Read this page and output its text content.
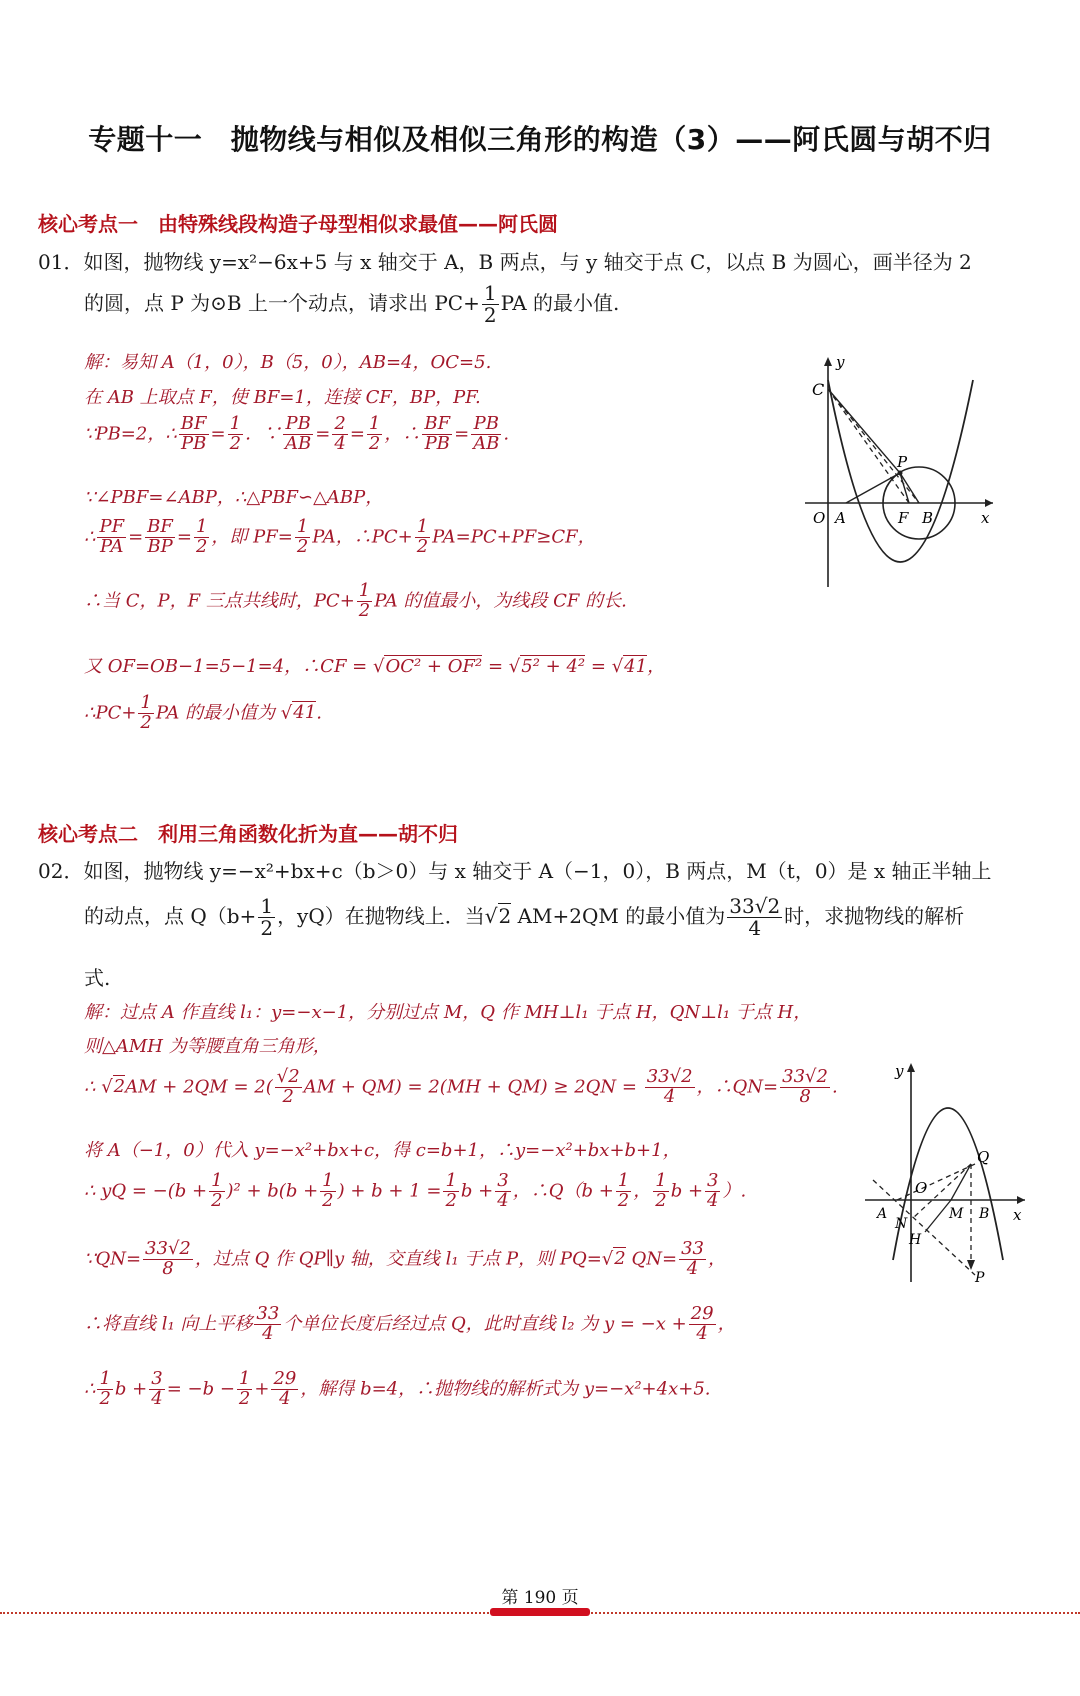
专题十一　抛物线与相似及相似三角形的构造（3）——阿氏圆与胡不归
核心考点一　由特殊线段构造子母型相似求最值——阿氏圆
01．如图，抛物线 y=x²−6x+5 与 x 轴交于 A，B 两点，与 y 轴交于点 C，以点 B 为圆心，画半径为 2
的圆，点 P 为⊙B 上一个动点，请求出 $PC+ \frac{1}{2}$ PA 的最小值.
解：易知 A（1，0），B（5，0），AB=4，OC=5.
在 AB 上取点 F，使 BF=1，连接 CF，BP，PF.
∵PB=2，∴ $\frac{BF}{PB} = \frac{1}{2}$ ．∵ $\frac{PB}{AB} = \frac{2}{4} = \frac{1}{2}$ ，∴ $\frac{BF}{PB} = \frac{PB}{AB}$ .
∵∠PBF=∠ABP，∴△PBF∽△ABP，
∴ $\frac{PF}{PA} = \frac{BF}{BP} = \frac{1}{2}$ ，即 $PF= \frac{1}{2}$ PA，∴PC+ $\frac{1}{2} PA=PC+PF\ge CF$，
∴当 C，P，F 三点共线时，$PC+ \frac{1}{2}$ PA 的值最小，为线段 CF 的长.
又 OF=OB−1=5−1=4，∴CF = √OC² + OF² = √5² + 4² = √41，
∴PC+ $\frac{1}{2}$ PA 的最小值为 √41.
y
x
C
P
O A	F B
核心考点二　利用三角函数化折为直——胡不归
02．如图，抛物线 y=−x²+bx+c（b＞0）与 x 轴交于 A（−1，0），B 两点，M（t，0）是 x 轴正半轴上
的动点，点 $Q(b+ \frac{1}{2}$ ，yQ）在抛物线上．当√2 AM+2QM 的最小值为 $\frac{33√2}{4}$ 时，求抛物线的解析
式.
解：过点 A 作直线 l₁：y=−x−1，分别过点 M，Q 作 MH⊥l₁ 于点 H，QN⊥l₁ 于点 H，
则△AMH 为等腰直角三角形，
∴ $√2AM + 2QM = 2( \frac{√2}{2}$ AM + $QM) = 2(MH + QM) \ge 2QN = \frac{33√2}{4}$ ，∴QN= $\frac{33√2}{8}$ .
将 A（−1，0）代入 y=−x²+bx+c，得 c=b+1，∴y=−x²+bx+b+1，
∴ yQ = $-(b + \frac{1}{2} )^2 + b(b + \frac{1}{2}$ ) + $b + 1 = \frac{1}{2}$ $b + \frac{3}{4}$ ，∴Q（b + $\frac{1}{2}$ ， $\frac{1}{2}$ $b + \frac{3}{4}$ ）.
∵QN= $\frac{33√2}{8}$ ，过点 Q 作 QP∥y 轴，交直线 l₁ 于点 P，则 PQ=√2 $QN= \frac{33}{4}$ ，
∴将直线 l₁ 向上平移 $\frac{33}{4}$ 个单位长度后经过点 Q，此时直线 l₂ 为 $y = -x + \frac{29}{4}$ ，
∴ $\frac{1}{2}$ $b + \frac{3}{4} = -b - \frac{1}{2} + \frac{29}{4}$ ，解得 b=4，∴抛物线的解析式为 y=−x²+4x+5.
y
x
Q
O
A
N
M B
H
P
第 190 页
